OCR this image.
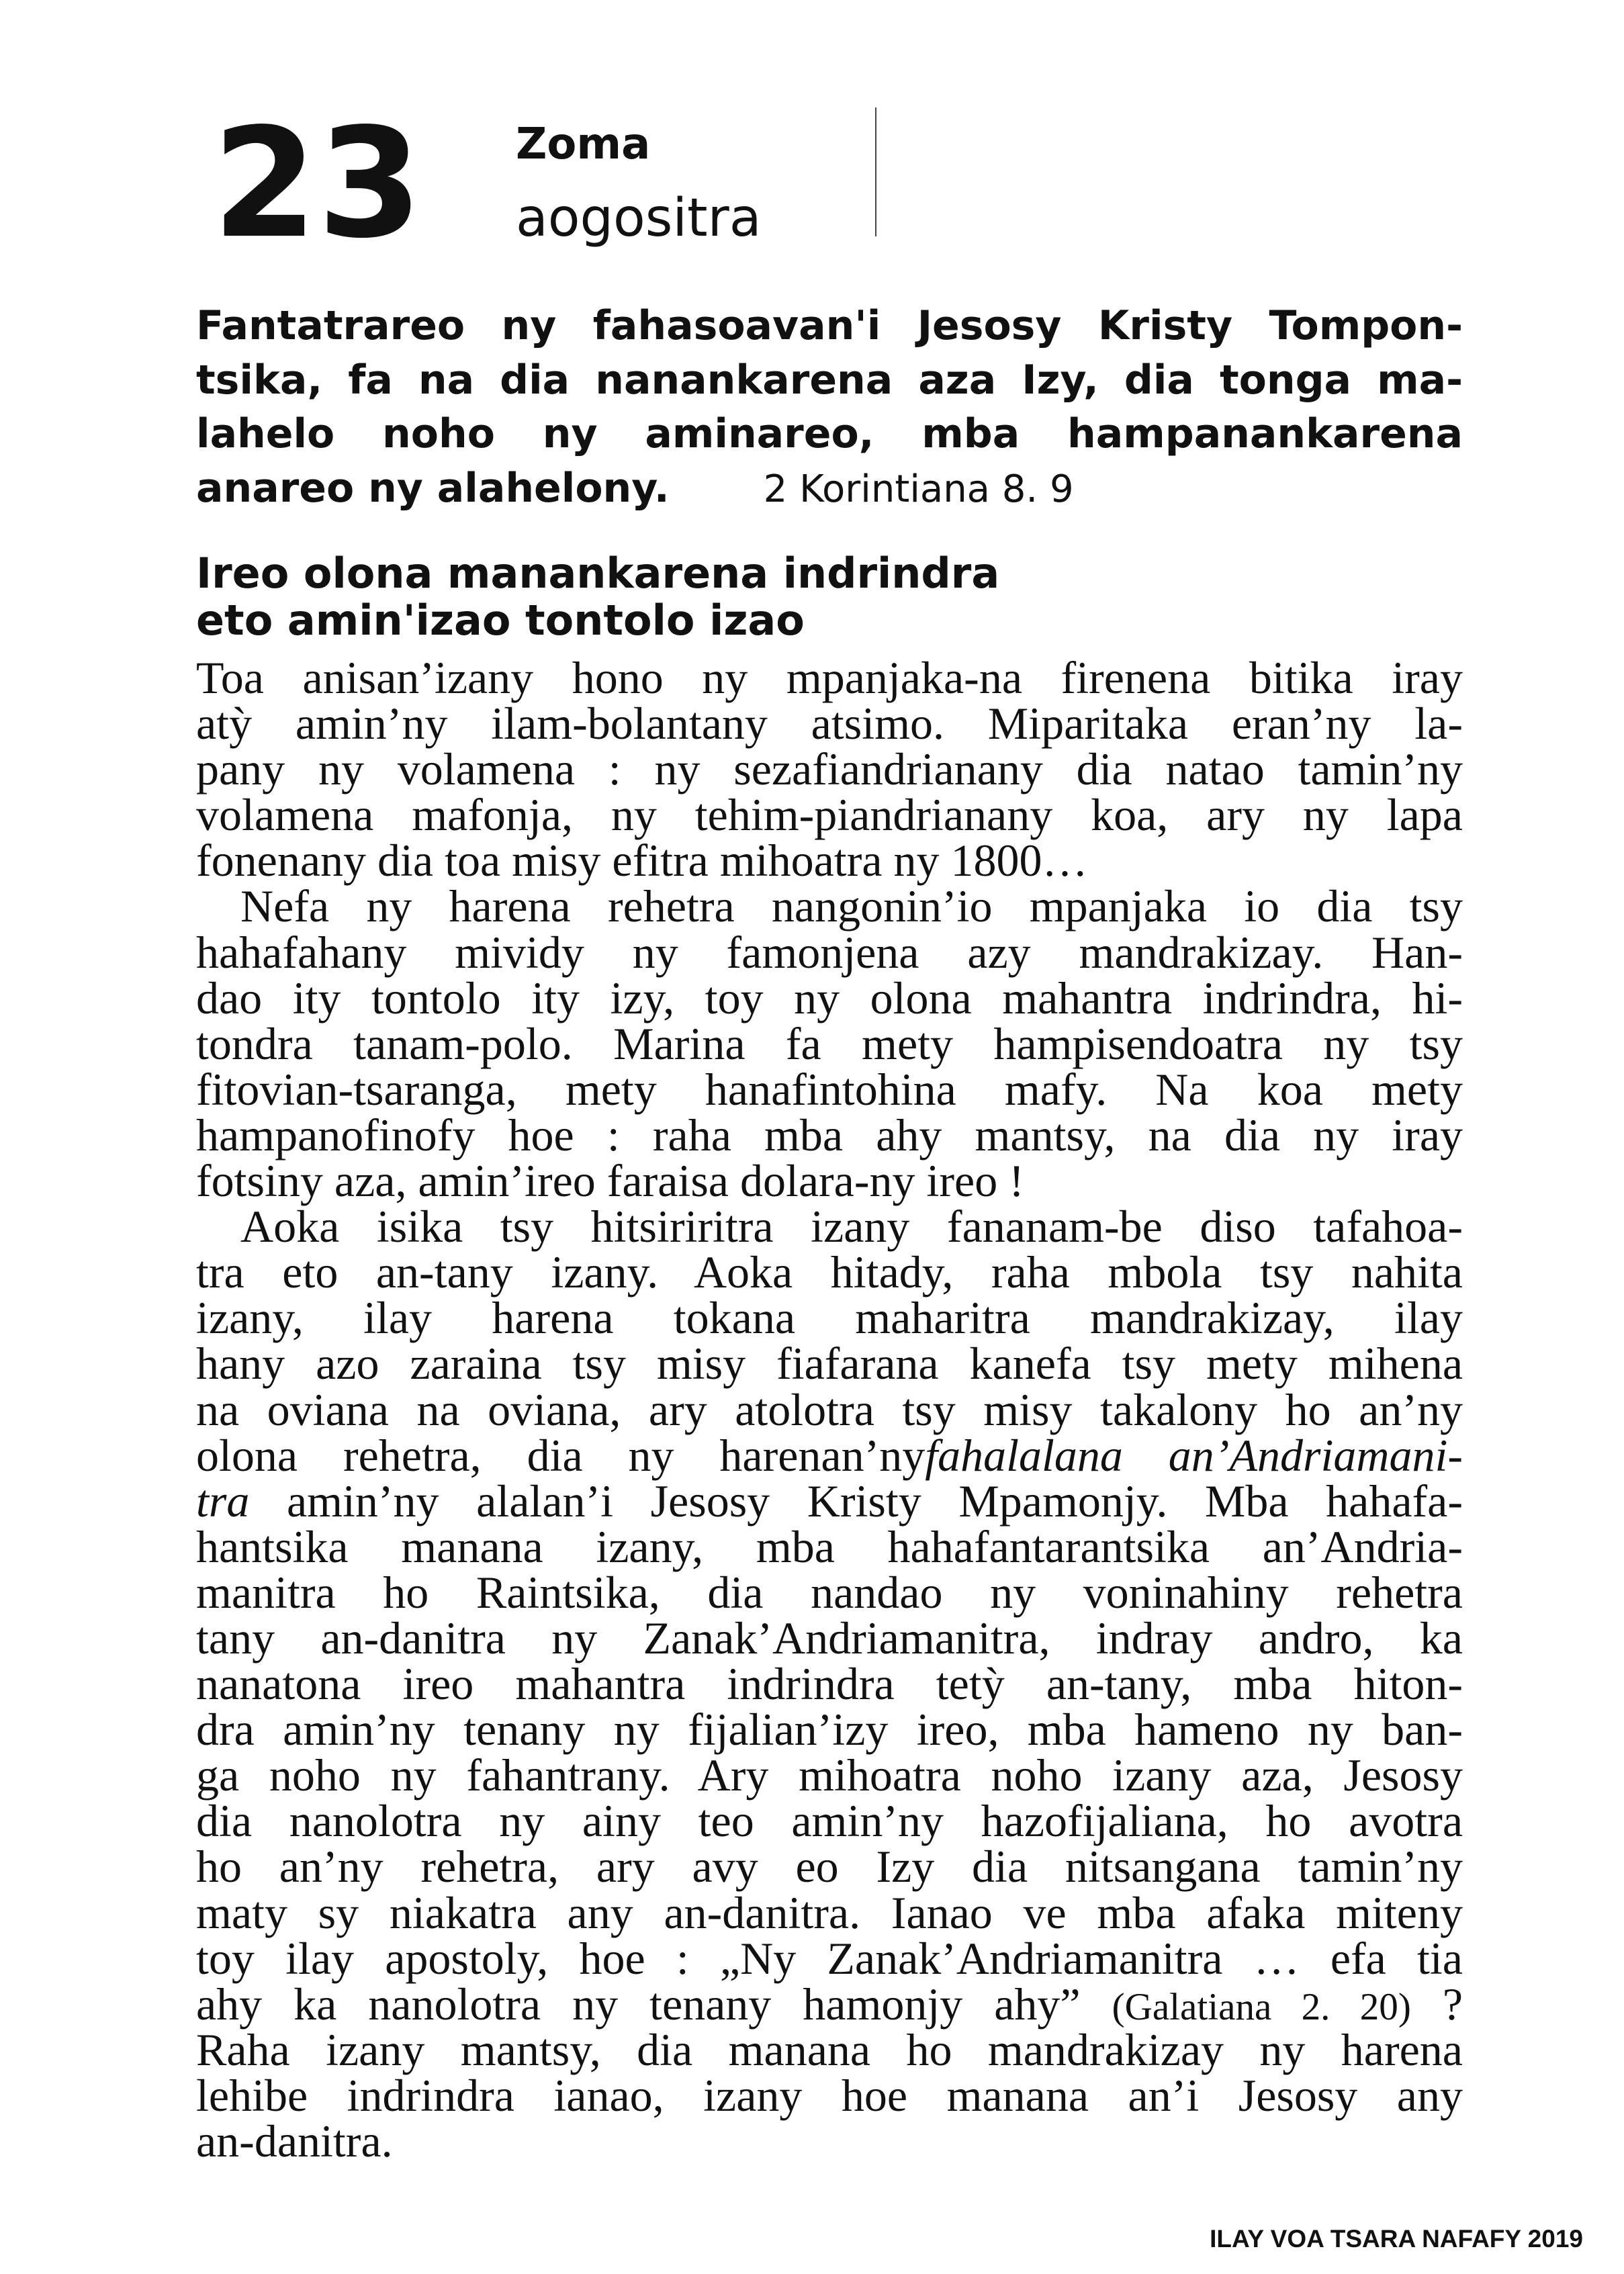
23 Zoma
aogositra
Fantatrareo ny fahasoavan'i Jesosy Kristy Tompon-
tsika, fa na dia nanankarena aza Izy, dia tonga ma-
lahelo noho ny aminareo, mba hampanankarena
anareo ny alahelony.	2 Korintiana 8. 9
Ireo olona manankarena indrindra
eto amin'izao tontolo izao
Toa anisan’izany hono ny mpanjaka-na firenena bitika iray
atỳ amin’ny ilam-bolantany atsimo. Miparitaka eran’ny la-
pany ny volamena : ny sezafiandrianany dia natao tamin’ny
volamena mafonja, ny tehim-piandrianany koa, ary ny lapa
fonenany dia toa misy efitra mihoatra ny 1800…
Nefa ny harena rehetra nangonin’io mpanjaka io dia tsy
hahafahany mividy ny famonjena azy mandrakizay. Han-
dao ity tontolo ity izy, toy ny olona mahantra indrindra, hi-
tondra tanam-polo. Marina fa mety hampisendoatra ny tsy
fitovian-tsaranga, mety hanafintohina mafy. Na koa mety
hampanofinofy hoe : raha mba ahy mantsy, na dia ny iray
fotsiny aza, amin’ireo faraisa dolara-ny ireo !
Aoka isika tsy hitsiriritra izany fananam-be diso tafahoa-
tra eto an-tany izany. Aoka hitady, raha mbola tsy nahita
izany, ilay harena tokana maharitra mandrakizay, ilay
hany azo zaraina tsy misy fiafarana kanefa tsy mety mihena
na oviana na oviana, ary atolotra tsy misy takalony ho an’ny
olona rehetra, dia ny harenan’nyfahalalana an’Andriamani-
tra amin’ny alalan’i Jesosy Kristy Mpamonjy. Mba hahafa-
hantsika manana izany, mba hahafantarantsika an’Andria-
manitra ho Raintsika, dia nandao ny voninahiny rehetra
tany an-danitra ny Zanak’Andriamanitra, indray andro, ka
nanatona ireo mahantra indrindra tetỳ an-tany, mba hiton-
dra amin’ny tenany ny fijalian’izy ireo, mba hameno ny ban-
ga noho ny fahantrany. Ary mihoatra noho izany aza, Jesosy
dia nanolotra ny ainy teo amin’ny hazofijaliana, ho avotra
ho an’ny rehetra, ary avy eo Izy dia nitsangana tamin’ny
maty sy niakatra any an-danitra. Ianao ve mba afaka miteny
toy ilay apostoly, hoe : „Ny Zanak’Andriamanitra … efa tia
ahy ka nanolotra ny tenany hamonjy ahy” (Galatiana 2. 20) ?
Raha izany mantsy, dia manana ho mandrakizay ny harena
lehibe indrindra ianao, izany hoe manana an’i Jesosy any
an-danitra.
ILAY VOA TSARA NAFAFY 2019
